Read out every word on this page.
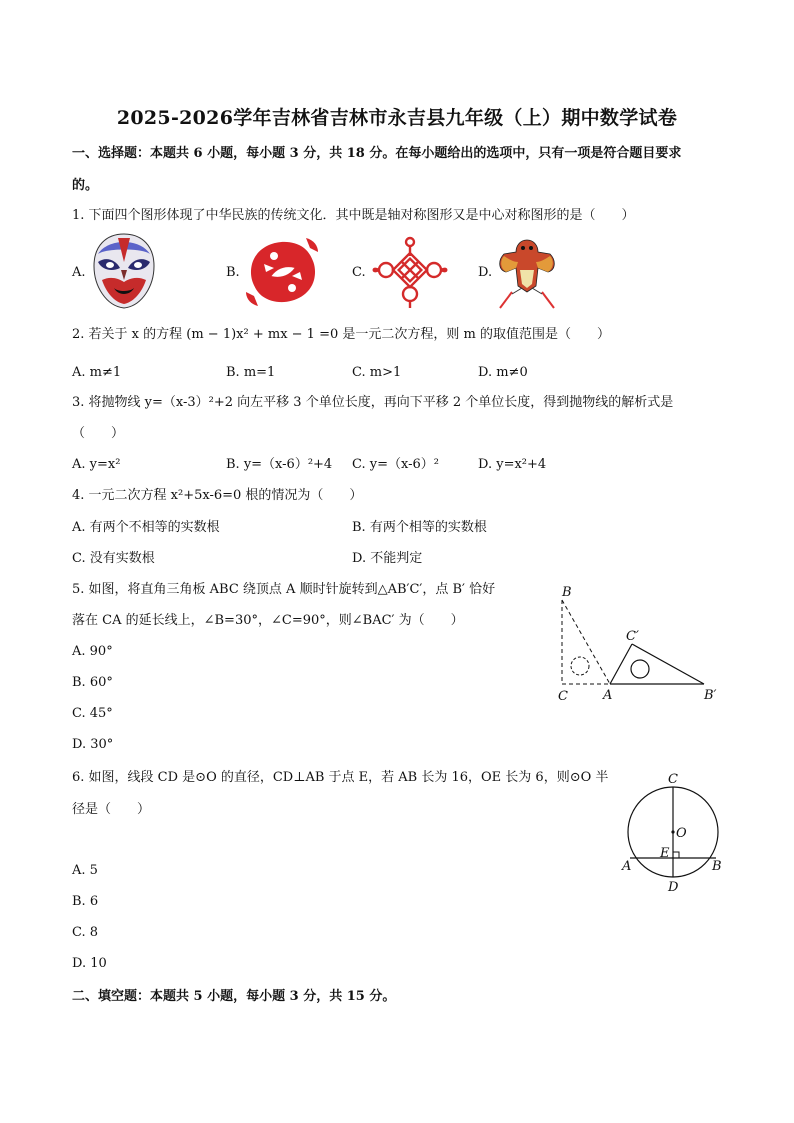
2025-2026学年吉林省吉林市永吉县九年级（上）期中数学试卷
一、选择题：本题共 6 小题，每小题 3 分，共 18 分。在每小题给出的选项中，只有一项是符合题目要求
的。
1. 下面四个图形体现了中华民族的传统文化．其中既是轴对称图形又是中心对称图形的是（　　）
A.	B.	C.	D.
2. 若关于 x 的方程 (m − 1)x² + mx − 1 =0 是一元二次方程，则 m 的取值范围是（　　）
A. m≠1	B. m=1	C. m>1	D. m≠0
3. 将抛物线 y=（x-3）²+2 向左平移 3 个单位长度，再向下平移 2 个单位长度，得到抛物线的解析式是
（　　）
A. y=x²	B. y=（x-6）²+4 C. y=（x-6）²	D. y=x²+4
4. 一元二次方程 x²+5x-6=0 根的情况为（　　）
A. 有两个不相等的实数根	B. 有两个相等的实数根
C. 没有实数根	D. 不能判定
5. 如图，将直角三角板 ABC 绕顶点 A 顺时针旋转到△AB′C′，点 B′ 恰好
落在 CA 的延长线上，∠B=30°，∠C=90°，则∠BAC′ 为（　　）
A. 90°
B. 60°
C. 45°
D. 30°
B
C	A
C′
B′
6. 如图，线段 CD 是⊙O 的直径，CD⊥AB 于点 E，若 AB 长为 16，OE 长为 6，则⊙O 半
径是（　　）
A. 5
B. 6
C. 8
D. 10
C
O
E
A	B
D
二、填空题：本题共 5 小题，每小题 3 分，共 15 分。
